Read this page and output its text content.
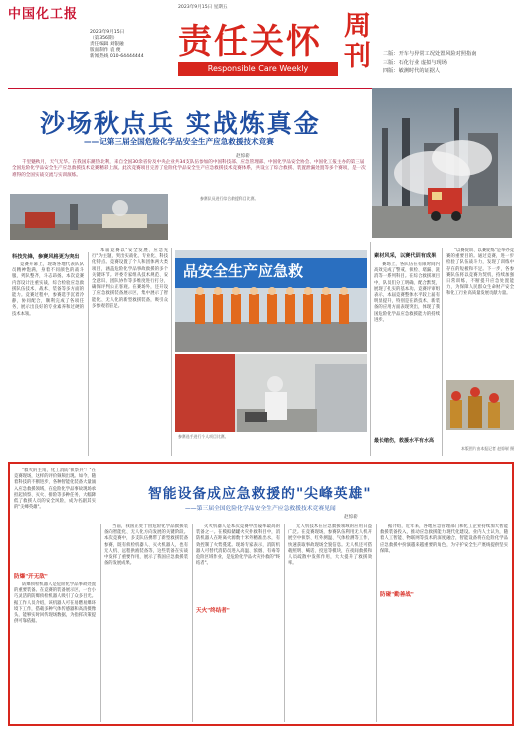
中国化工报
2023年9月15日
（第356期）
责任编辑 刘银融
版面制作 袁 便
新闻热线 010-64444444
2023年9月15日 星期五
责任关怀 周
刊
Responsible Care Weekly
二版：开车与异常工况处置风险对照指南
三版：石化行业 虚拟与现场
四版：敏测时代的证据人
沙场秋点兵 实战炼真金
——记第三届全国危险化学品安全生产应急救援技术竞赛
赵惊崭
千里魅秋月，天气无华。在我国东潮热北利，来自全国30余省份及中央企业共34支队伍参加的中国科技部、应急管理部、中国化学品安全协会、中国化工报主办的第三届全国危险化学品安全生产应急救援技术竞赛精彩上演。此次竞赛项目完善了危险化学品安全生产应急救援技术竞赛体系，共设立了综合救援、装置泄漏处置等多个赛项，是一次难得的全国实战交流与实训演练。
参赛队员进行综合救援科目比赛。
科技先锋，参赛风格更为突出

竞赛开幕上，现场各地代表队队员精神饱满，身着不同颜色的战斗服，列队整齐，斗志昂扬。本次竞赛内容设计注重实战，综合检验应急救援队伍技术、战术、装备等多方面的能力。竞赛过程中，参赛选手沉着冷静，协同配合，顺利完成了各项任务，展示出良好的专业素养和过硬的技术本领。

本届竞赛以"安全发展、应急先行"为主题，突出实战化、专业化、科技化特点。竞赛设置了个人和团体两大类项目，涵盖危险化学品事故救援的多个关键环节。评委专家组从技术规范、安全意识、团队协作等多维度进行打分，确保评判公正客观。在赛场外，还开设了应急救援装备展示区，集中展示了智能化、无人化的新型救援装备，吸引众多参观者驻足。

品安全生产应急救
参赛选手进行个人项目比赛。
素材风采，以赛代训有成果

赛场上，各队伍在有限时间内高效完成了警戒、侦检、堵漏、洗消等一系列科目。在综合救援项目中，队员们分工明确、配合默契，展现了扎实的基本功。竞赛评审组表示，本届竞赛整体水平较上届有明显提升，特别是在新技术、新装备的应用方面表现突出，体现了我国危险化学品应急救援能力的持续进步。

"以赛促训、以赛促练"是举办竞赛的重要目的。通过竞赛，进一步检验了队伍战斗力，发现了训练中存在的短板和不足。下一步，各参赛队伍将以竞赛为契机，持续加强日常训练，不断提升应急处置能力，为保障人民群众生命财产安全和化工行业高质量发展贡献力量。

最长缩伤，救援水平有水高
本版图片由本报记者 赵惊崭 摄
智能设备成应急救援的"尖峰英雄"
——第三届全国危险化学品安全生产应急救援技术竞赛见闻
赵惊崭

"救火的主角，化工消防'侦察兵'！"在竞赛现场，这样的评价频频出现。如今，随着科技的不断进步，各种智能化装备大量涌入应急救援领域，在危险化学品事故现场承担起侦察、灭火、排险等多种任务，大幅降低了救援人员的安全风险，成为名副其实的"尖峰英雄"。

防爆"开无敌"

防爆侦检机器人是危险化学品事故处置的重要装备。在竞赛的装备展示区，一台小巧灵活的防爆侦检机器人吸引了众多目光。据工作人员介绍，该机器人可在易燃易爆环境下工作，搭载多种气体传感器和高清摄像头，能够实时回传现场数据，为指挥决策提供可靠依据。

当前，我国正处于由危险化学品救援装备向智能化、无人化方向发展的关键阶段。本次竞赛中，多支队伍携带了新型救援装备参赛，既有侦检机器人、灭火机器人，也有无人机、远程供液装备等，这些装备在实战中发挥了重要作用，展示了我国应急救援装备的发展成果。

天火"终结者"

灭火机器人是本次竞赛中出镜率最高的装备之一。在模拟储罐火灾扑救科目中，消防机器人在距离火源数十米外精准出水，有效控制了火势蔓延。现场专家表示，消防机器人可替代消防员进入高温、浓烟、有毒等危险区域作业，是危险化学品火灾扑救的"终结者"。

无人机技术在应急救援领域的应用日益广泛。在竞赛现场，参赛队伍利用无人机开展空中侦察、红外测温、气体检测等工作，快速获取事故现场全貌信息。无人机还可搭载照明、喊话、投送等模块，在夜间救援和人员疏散中发挥作用，大大提升了救援效率。

防碰"勤善战"

据介绍，近年来，各地应急管理部门和化工企业持续加大智能救援装备投入，推动应急救援能力现代化建设。业内人士认为，随着人工智能、物联网等技术的深度融合，智能设备将在危险化学品应急救援中扮演越来越重要的角色，为守护安全生产底线提供坚实保障。
